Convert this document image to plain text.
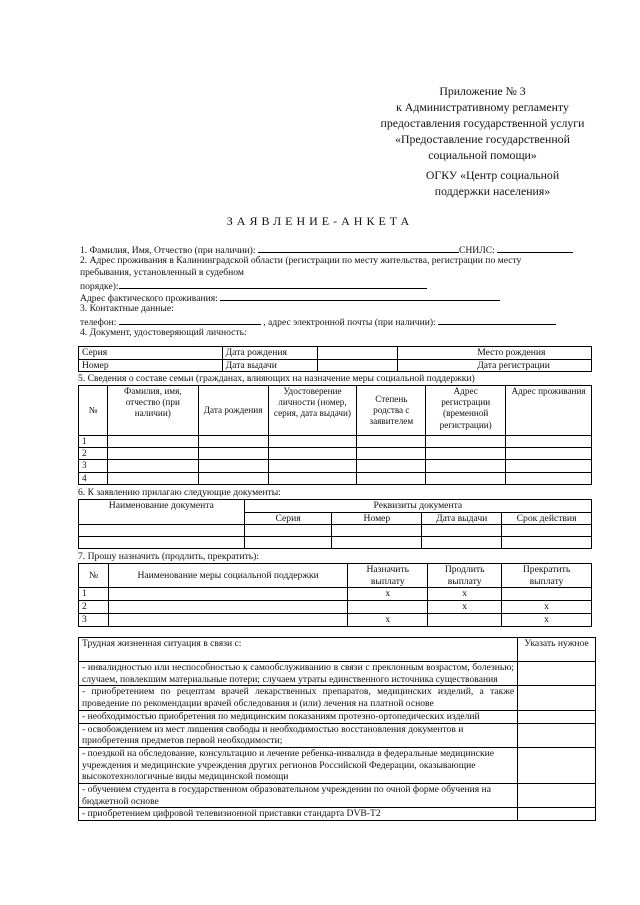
Приложение № 3
к Административному регламенту
предоставления государственной услуги
«Предоставление государственной
социальной помощи»
ОГКУ «Центр социальной
поддержки населения»
ЗАЯВЛЕНИЕ-АНКЕТА
1. Фамилия, Имя, Отчество (при наличии):	СНИЛС:
2. Адрес проживания в Калининградской области (регистрации по месту жительства, регистрации по месту
пребывания, установленный в судебном
порядке):
Адрес фактического проживания:
3. Контактные данные:
телефон:	, адрес электронной почты (при наличии):
4. Документ, удостоверяющий личность:
Серия	Дата рождения		Место рождения
Номер	Дата выдачи		Дата регистрации
5. Сведения о составе семьи (гражданах, влияющих на назначение меры социальной поддержки)
№	Фамилия, имя, отчество (при наличии)	Дата рождения	Удостоверение личности (номер, серия, дата выдачи)	Степень родства с заявителем	Адрес регистрации (временной регистрации)	Адрес проживания
1						
2						
3						
4						
6. К заявлению прилагаю следующие документы:
Наименование документа	Реквизиты документа			
	Серия	Номер	Дата выдачи	Срок действия

7. Прошу назначить (продлить, прекратить):
№	Наименование меры социальной поддержки	Назначить выплату	Продлить выплату	Прекратить выплату
1		x	x	
2			x	x
3		x		x
Трудная жизненная ситуация в связи с:	Указать нужное
- инвалидностью или неспособностью к самообслуживанию в связи с преклонным возрастом, болезнью; случаем, повлекшим материальные потери; случаем утраты единственного источника существования	
- приобретением по рецептам врачей лекарственных препаратов, медицинских изделий, а также проведение по рекомендации врачей обследования и (или) лечения на платной основе	
- необходимостью приобретения по медицинским показаниям протезно-ортопедических изделий	
- освобождением из мест лишения свободы и необходимостью восстановления документов и приобретения предметов первой необходимости;	
- поездкой на обследование, консультацию и лечение ребенка-инвалида в федеральные медицинские учреждения и медицинские учреждения других регионов Российской Федерации, оказывающие высокотехнологичные виды медицинской помощи	
- обучением студента в государственном образовательном учреждении по очной форме обучения на бюджетной основе	
- приобретением цифровой телевизионной приставки стандарта DVB-T2	
